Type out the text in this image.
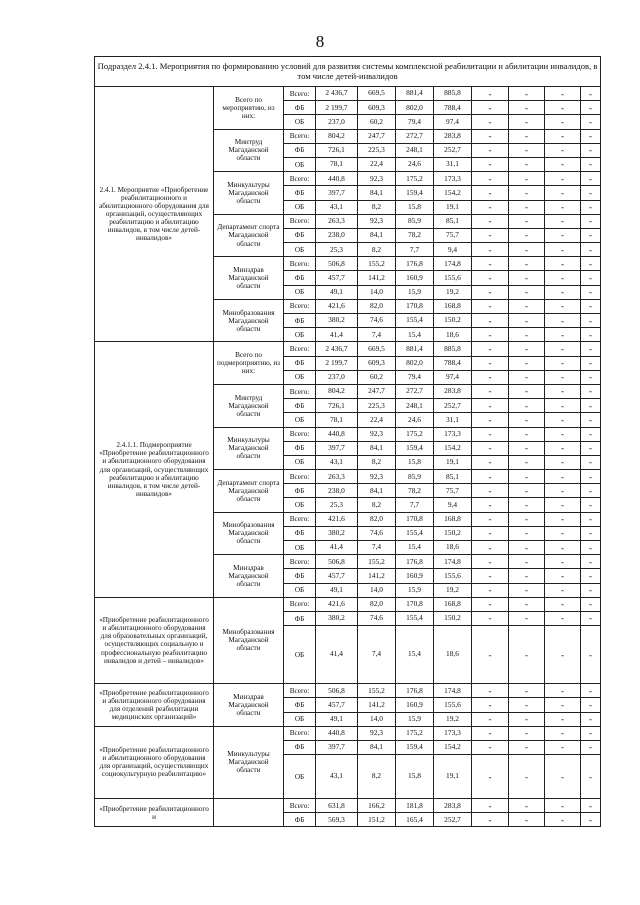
8
Подраздел 2.4.1. Мероприятия по формированию условий для развития системы комплексной реабилитации и абилитации инвалидов, в том числе детей-инвалидов										
2.4.1. Мероприятие «Приобретение реабилитационного и абилитационного оборудования для организаций, осуществляющих реабилитацию и абилитацию инвалидов, в том числе детей-инвалидов»	Всего по мероприятию, из них:	Всего:	2 436,7	669,5	881,4	885,8	-	-	-	-
		ФБ	2 199,7	609,3	802,0	788,4	-	-	-	-
		ОБ	237,0	60,2	79,4	97,4	-	-	-	-
	Минтруд Магаданской области	Всего:	804,2	247,7	272,7	283,8	-	-	-	-
		ФБ	726,1	225,3	248,1	252,7	-	-	-	-
		ОБ	78,1	22,4	24,6	31,1	-	-	-	-
	Минкультуры Магаданской области	Всего:	440,8	92,3	175,2	173,3	-	-	-	-
		ФБ	397,7	84,1	159,4	154,2	-	-	-	-
		ОБ	43,1	8,2	15,8	19,1	-	-	-	-
	Департамент спорта Магаданской области	Всего:	263,3	92,3	85,9	85,1	-	-	-	-
		ФБ	238,0	84,1	78,2	75,7	-	-	-	-
		ОБ	25,3	8,2	7,7	9,4	-	-	-	-
	Минздрав Магаданской области	Всего:	506,8	155,2	176,8	174,8	-	-	-	-
		ФБ	457,7	141,2	160,9	155,6	-	-	-	-
		ОБ	49,1	14,0	15,9	19,2	-	-	-	-
	Минобразования Магаданской области	Всего:	421,6	82,0	170,8	168,8	-	-	-	-
		ФБ	380,2	74,6	155,4	150,2	-	-	-	-
		ОБ	41,4	7,4	15,4	18,6	-	-	-	-
2.4.1.1. Подмероприятие «Приобретение реабилитационного и абилитационного оборудования для организаций, осуществляющих реабилитацию и абилитацию инвалидов, в том числе детей-инвалидов»	Всего по подмероприятию, из них:	Всего:	2 436,7	669,5	881,4	885,8	-	-	-	-
		ФБ	2 199,7	609,3	802,0	788,4	-	-	-	-
		ОБ	237,0	60,2	79,4	97,4	-	-	-	-
	Минтруд Магаданской области	Всего:	804,2	247,7	272,7	283,8	-	-	-	-
		ФБ	726,1	225,3	248,1	252,7	-	-	-	-
		ОБ	78,1	22,4	24,6	31,1	-	-	-	-
	Минкультуры Магаданской области	Всего:	440,8	92,3	175,2	173,3	-	-	-	-
		ФБ	397,7	84,1	159,4	154,2	-	-	-	-
		ОБ	43,1	8,2	15,8	19,1	-	-	-	-
	Департамент спорта Магаданской области	Всего:	263,3	92,3	85,9	85,1	-	-	-	-
		ФБ	238,0	84,1	78,2	75,7	-	-	-	-
		ОБ	25,3	8,2	7,7	9,4	-	-	-	-
	Минобразования Магаданской области	Всего:	421,6	82,0	170,8	168,8	-	-	-	-
		ФБ	380,2	74,6	155,4	150,2	-	-	-	-
		ОБ	41,4	7,4	15,4	18,6	-	-	-	-
	Минздрав Магаданской области	Всего:	506,8	155,2	176,8	174,8	-	-	-	-
		ФБ	457,7	141,2	160,9	155,6	-	-	-	-
		ОБ	49,1	14,0	15,9	19,2	-	-	-	-
«Приобретение реабилитационного и абилитационного оборудования для образовательных организаций, осуществляющих социальную и профессиональную реабилитацию инвалидов и детей – инвалидов»	Минобразования Магаданской области	Всего:	421,6	82,0	170,8	168,8	-	-	-	-
		ФБ	380,2	74,6	155,4	150,2	-	-	-	-
		ОБ	41,4	7,4	15,4	18,6	-	-	-	-
«Приобретение реабилитационного и абилитационного оборудования для отделений реабилитации медицинских организаций»	Минздрав Магаданской области	Всего:	506,8	155,2	176,8	174,8	-	-	-	-
		ФБ	457,7	141,2	160,9	155,6	-	-	-	-
		ОБ	49,1	14,0	15,9	19,2	-	-	-	-
«Приобретение реабилитационного и абилитационного оборудования для организаций, осуществляющих социокультурную реабилитацию»	Минкультуры Магаданской области	Всего:	440,8	92,3	175,2	173,3	-	-	-	-
		ФБ	397,7	84,1	159,4	154,2	-	-	-	-
		ОБ	43,1	8,2	15,8	19,1	-	-	-	-
«Приобретение реабилитационного и		Всего:	631,8	166,2	181,8	283,8	-	-	-	-
		ФБ	569,3	151,2	165,4	252,7	-	-	-	-
